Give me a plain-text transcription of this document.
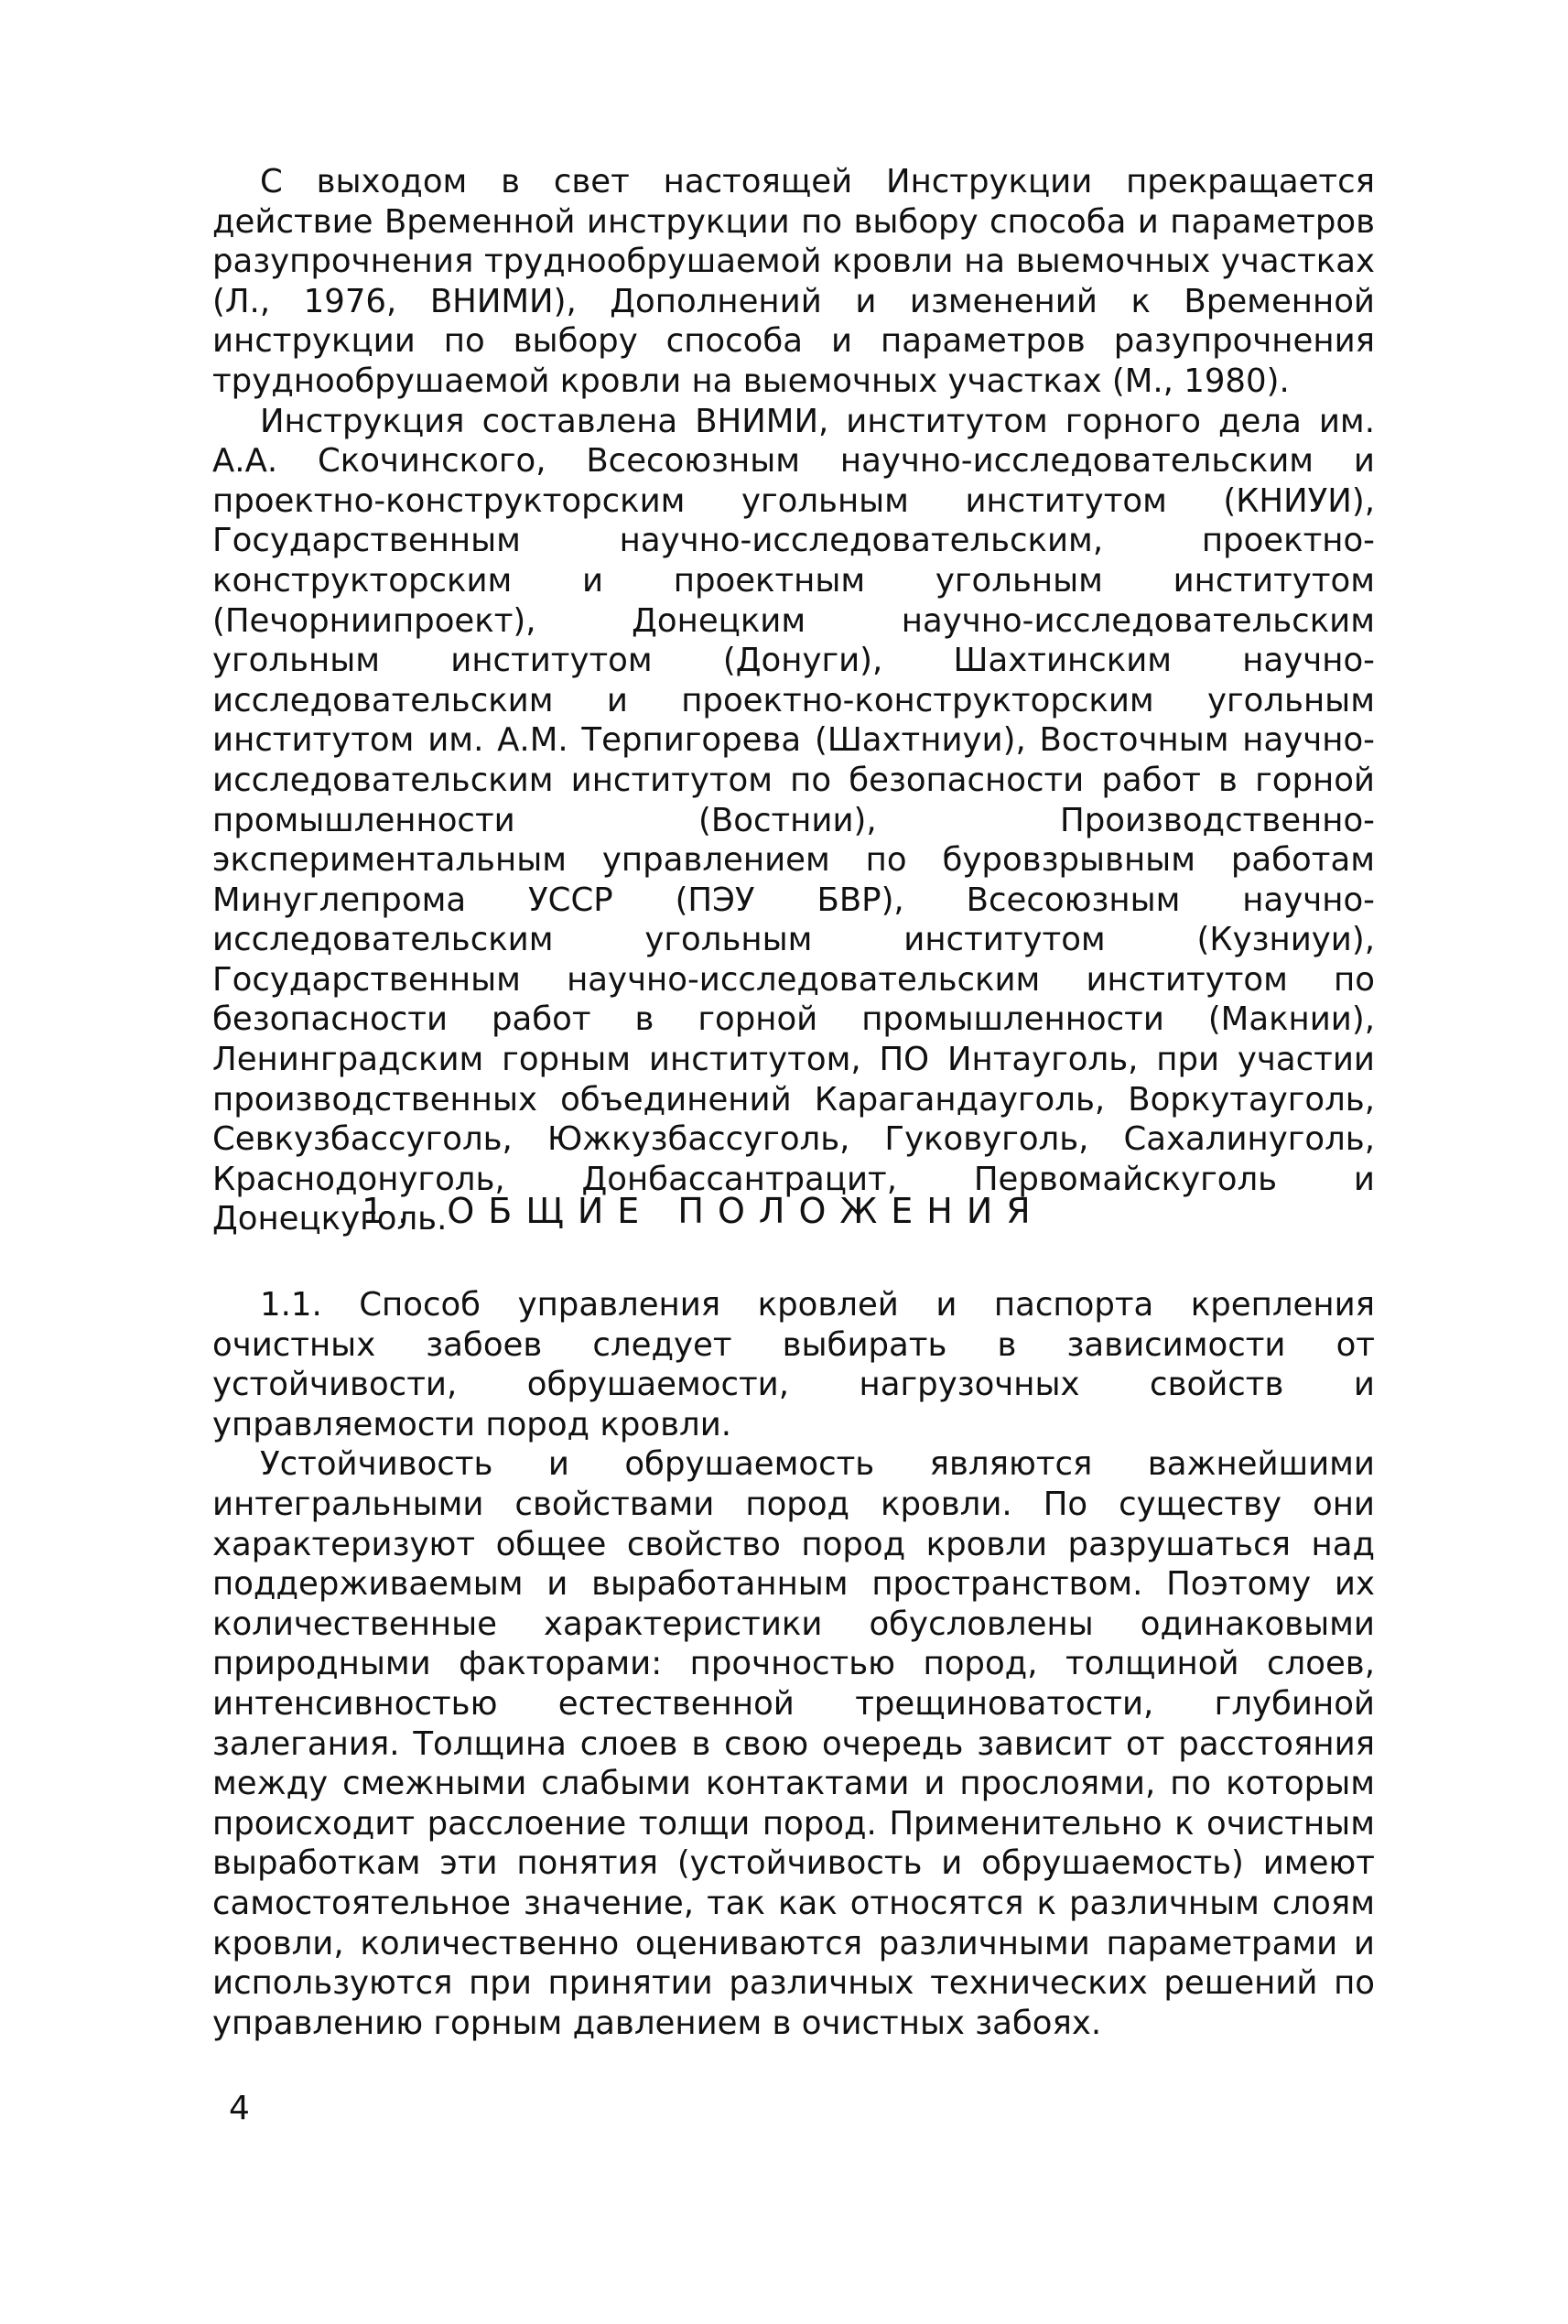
С выходом в свет настоящей Инструкции прекращается действие Временной инструкции по выбору способа и параметров разупрочнения труднообрушаемой кровли на выемочных участках (Л., 1976, ВНИМИ), Дополнений и изменений к Временной инструкции по выбору способа и параметров разупрочнения труднообрушаемой кровли на выемочных участках (М., 1980).

Инструкция составлена ВНИМИ, институтом горного дела им. А.А. Скочинского, Всесоюзным научно-исследовательским и проектно-конструкторским угольным институтом (КНИУИ), Государственным научно-исследовательским, проектно-конструкторским и проектным угольным институтом (Печорниипроект), Донецким научно-исследовательским угольным институтом (Донуги), Шахтинским научно-исследовательским и проектно-конструкторским угольным институтом им. А.М. Терпигорева (Шахтниуи), Восточным научно-исследовательским институтом по безопасности работ в горной промышленности (Востнии), Производственно-экспериментальным управлением по буровзрывным работам Минуглепрома УССР (ПЭУ БВР), Всесоюзным научно-исследовательским угольным институтом (Кузниуи), Государственным научно-исследовательским институтом по безопасности работ в горной промышленности (Макнии), Ленинградским горным институтом, ПО Интауголь, при участии производственных объединений Карагандауголь, Воркутауголь, Севкузбассуголь, Южкузбассуголь, Гуковуголь, Сахалинуголь, Краснодонуголь, Донбассантрацит, Первомайскуголь и Донецкуголь.

1. ОБЩИЕ ПОЛОЖЕНИЯ

1.1. Способ управления кровлей и паспорта крепления очистных забоев следует выбирать в зависимости от устойчивости, обрушаемости, нагрузочных свойств и управляемости пород кровли.

Устойчивость и обрушаемость являются важнейшими интегральными свойствами пород кровли. По существу они характеризуют общее свойство пород кровли разрушаться над поддерживаемым и выработанным пространством. Поэтому их количественные характеристики обусловлены одинаковыми природными факторами: прочностью пород, толщиной слоев, интенсивностью естественной трещиноватости, глубиной залегания. Толщина слоев в свою очередь зависит от расстояния между смежными слабыми контактами и прослоями, по которым происходит расслоение толщи пород. Применительно к очистным выработкам эти понятия (устойчивость и обрушаемость) имеют самостоятельное значение, так как относятся к различным слоям кровли, количественно оцениваются различными параметрами и используются при принятии различных технических решений по управлению горным давлением в очистных забоях.

4
